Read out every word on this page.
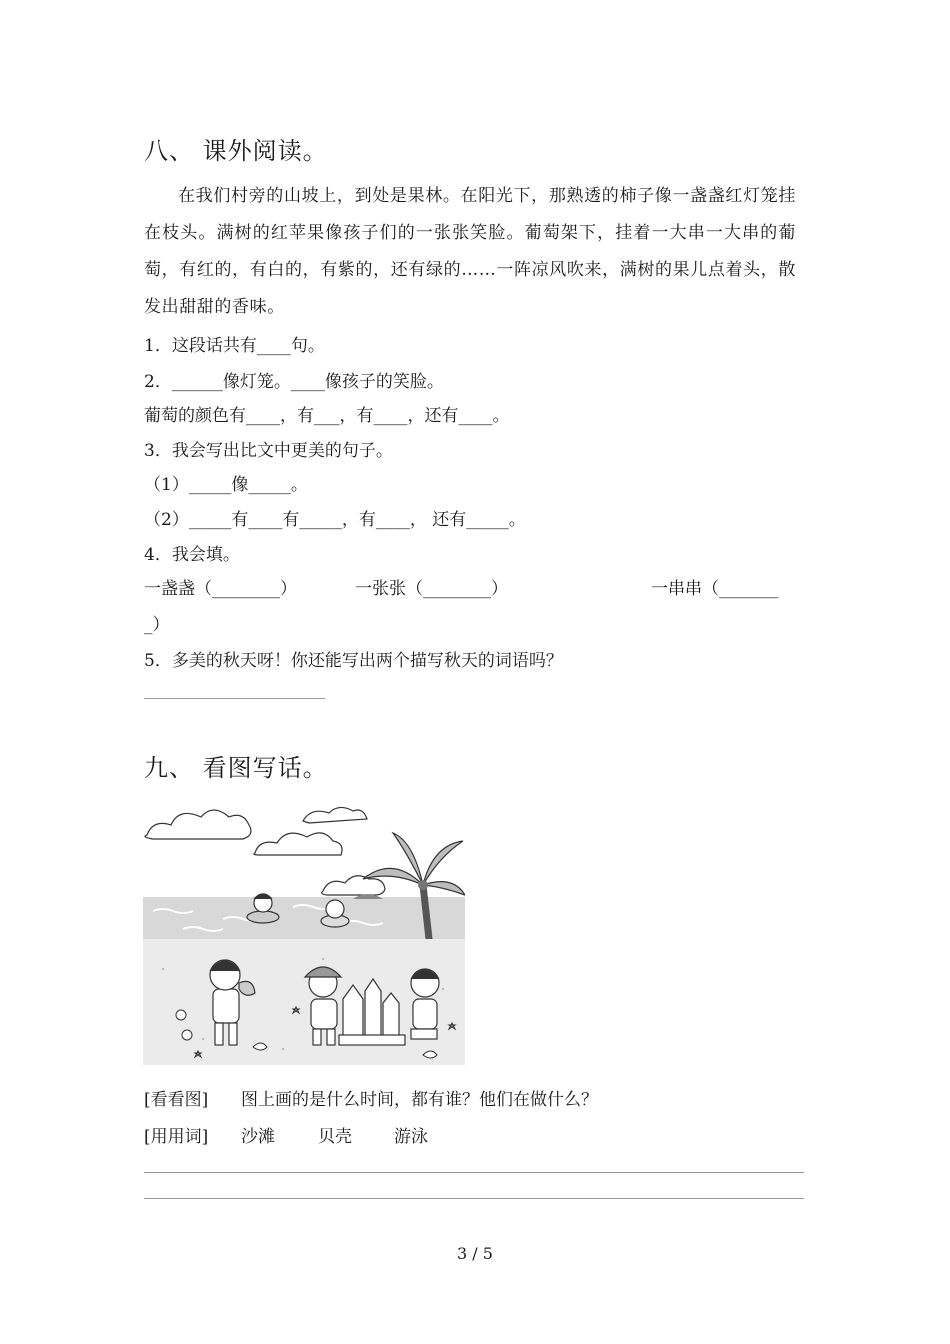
八、 课外阅读。
在我们村旁的山坡上，到处是果林。在阳光下，那熟透的柿子像一盏盏红灯笼挂在枝头。满树的红苹果像孩子们的一张张笑脸。葡萄架下，挂着一大串一大串的葡萄，有红的，有白的，有紫的，还有绿的……一阵凉风吹来，满树的果儿点着头，散发出甜甜的香味。
1．这段话共有____句。
2．______像灯笼。____像孩子的笑脸。
葡萄的颜色有____，有___，有____，还有____。
3．我会写出比文中更美的句子。
（1）_____像_____。
（2）_____有____有_____，有____， 还有_____。
4．我会填。
一盏盏（________）	一张张（________）	一串串（_______
_）
5．多美的秋天呀！你还能写出两个描写秋天的词语吗？
九、 看图写话。
[看看图] 图上画的是什么时间，都有谁？他们在做什么？
[用用词] 沙滩	贝壳 游泳
3 / 5
